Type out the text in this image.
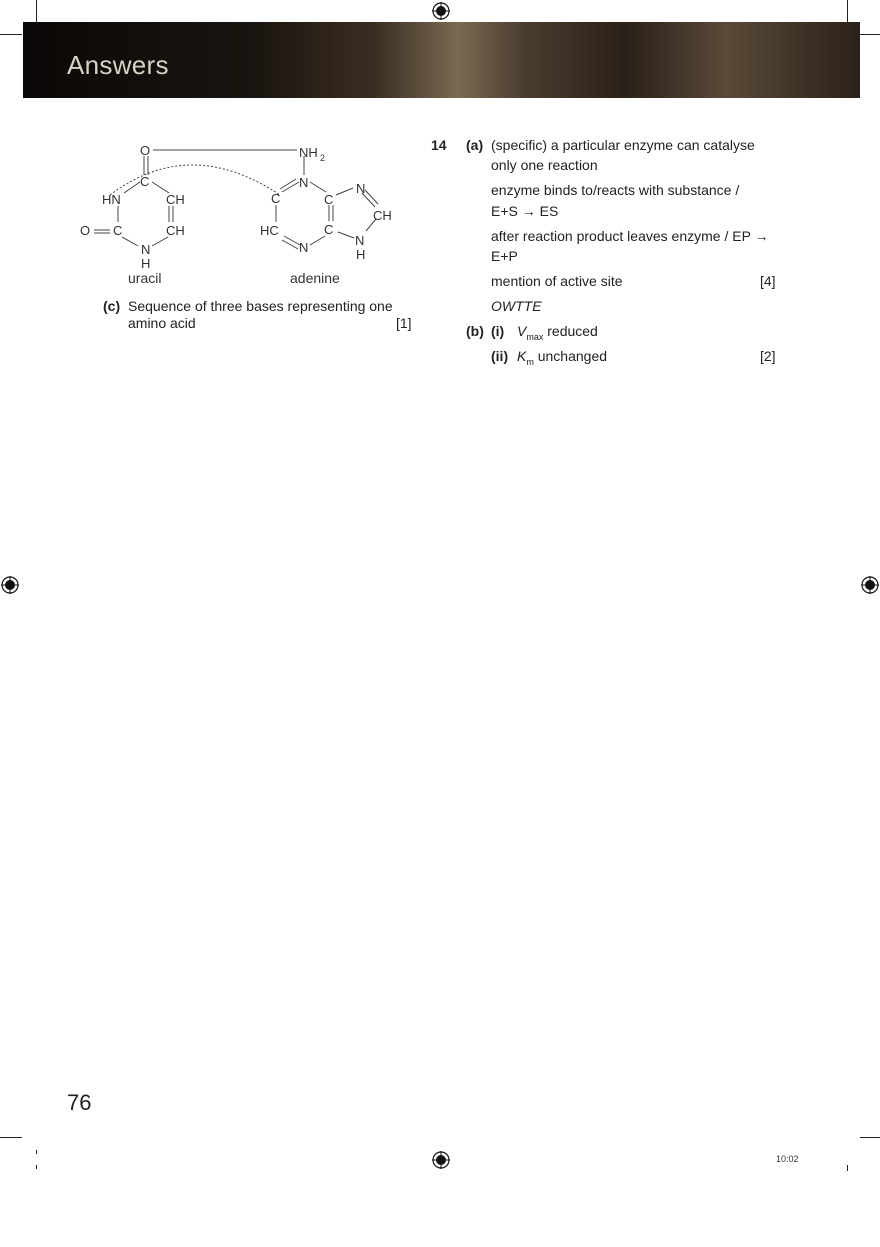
Answers
O
C
HN	CH
O C	CH
N
H
NH 2
N
C	C
N
CH
HC	C
N
N	H
uracil	adenine
(c) Sequence of three bases representing one
amino acid	[1]
14 (a) (specific) a particular enzyme can catalyse
only one reaction
enzyme binds to/reacts with substance /
E+S → ES
after reaction product leaves enzyme / EP →
E+P
mention of active site	[4]
OWTTE
(b) (i) $V_{max}$ reduced
(ii) $K_m$ unchanged	[2]
76
10:02
